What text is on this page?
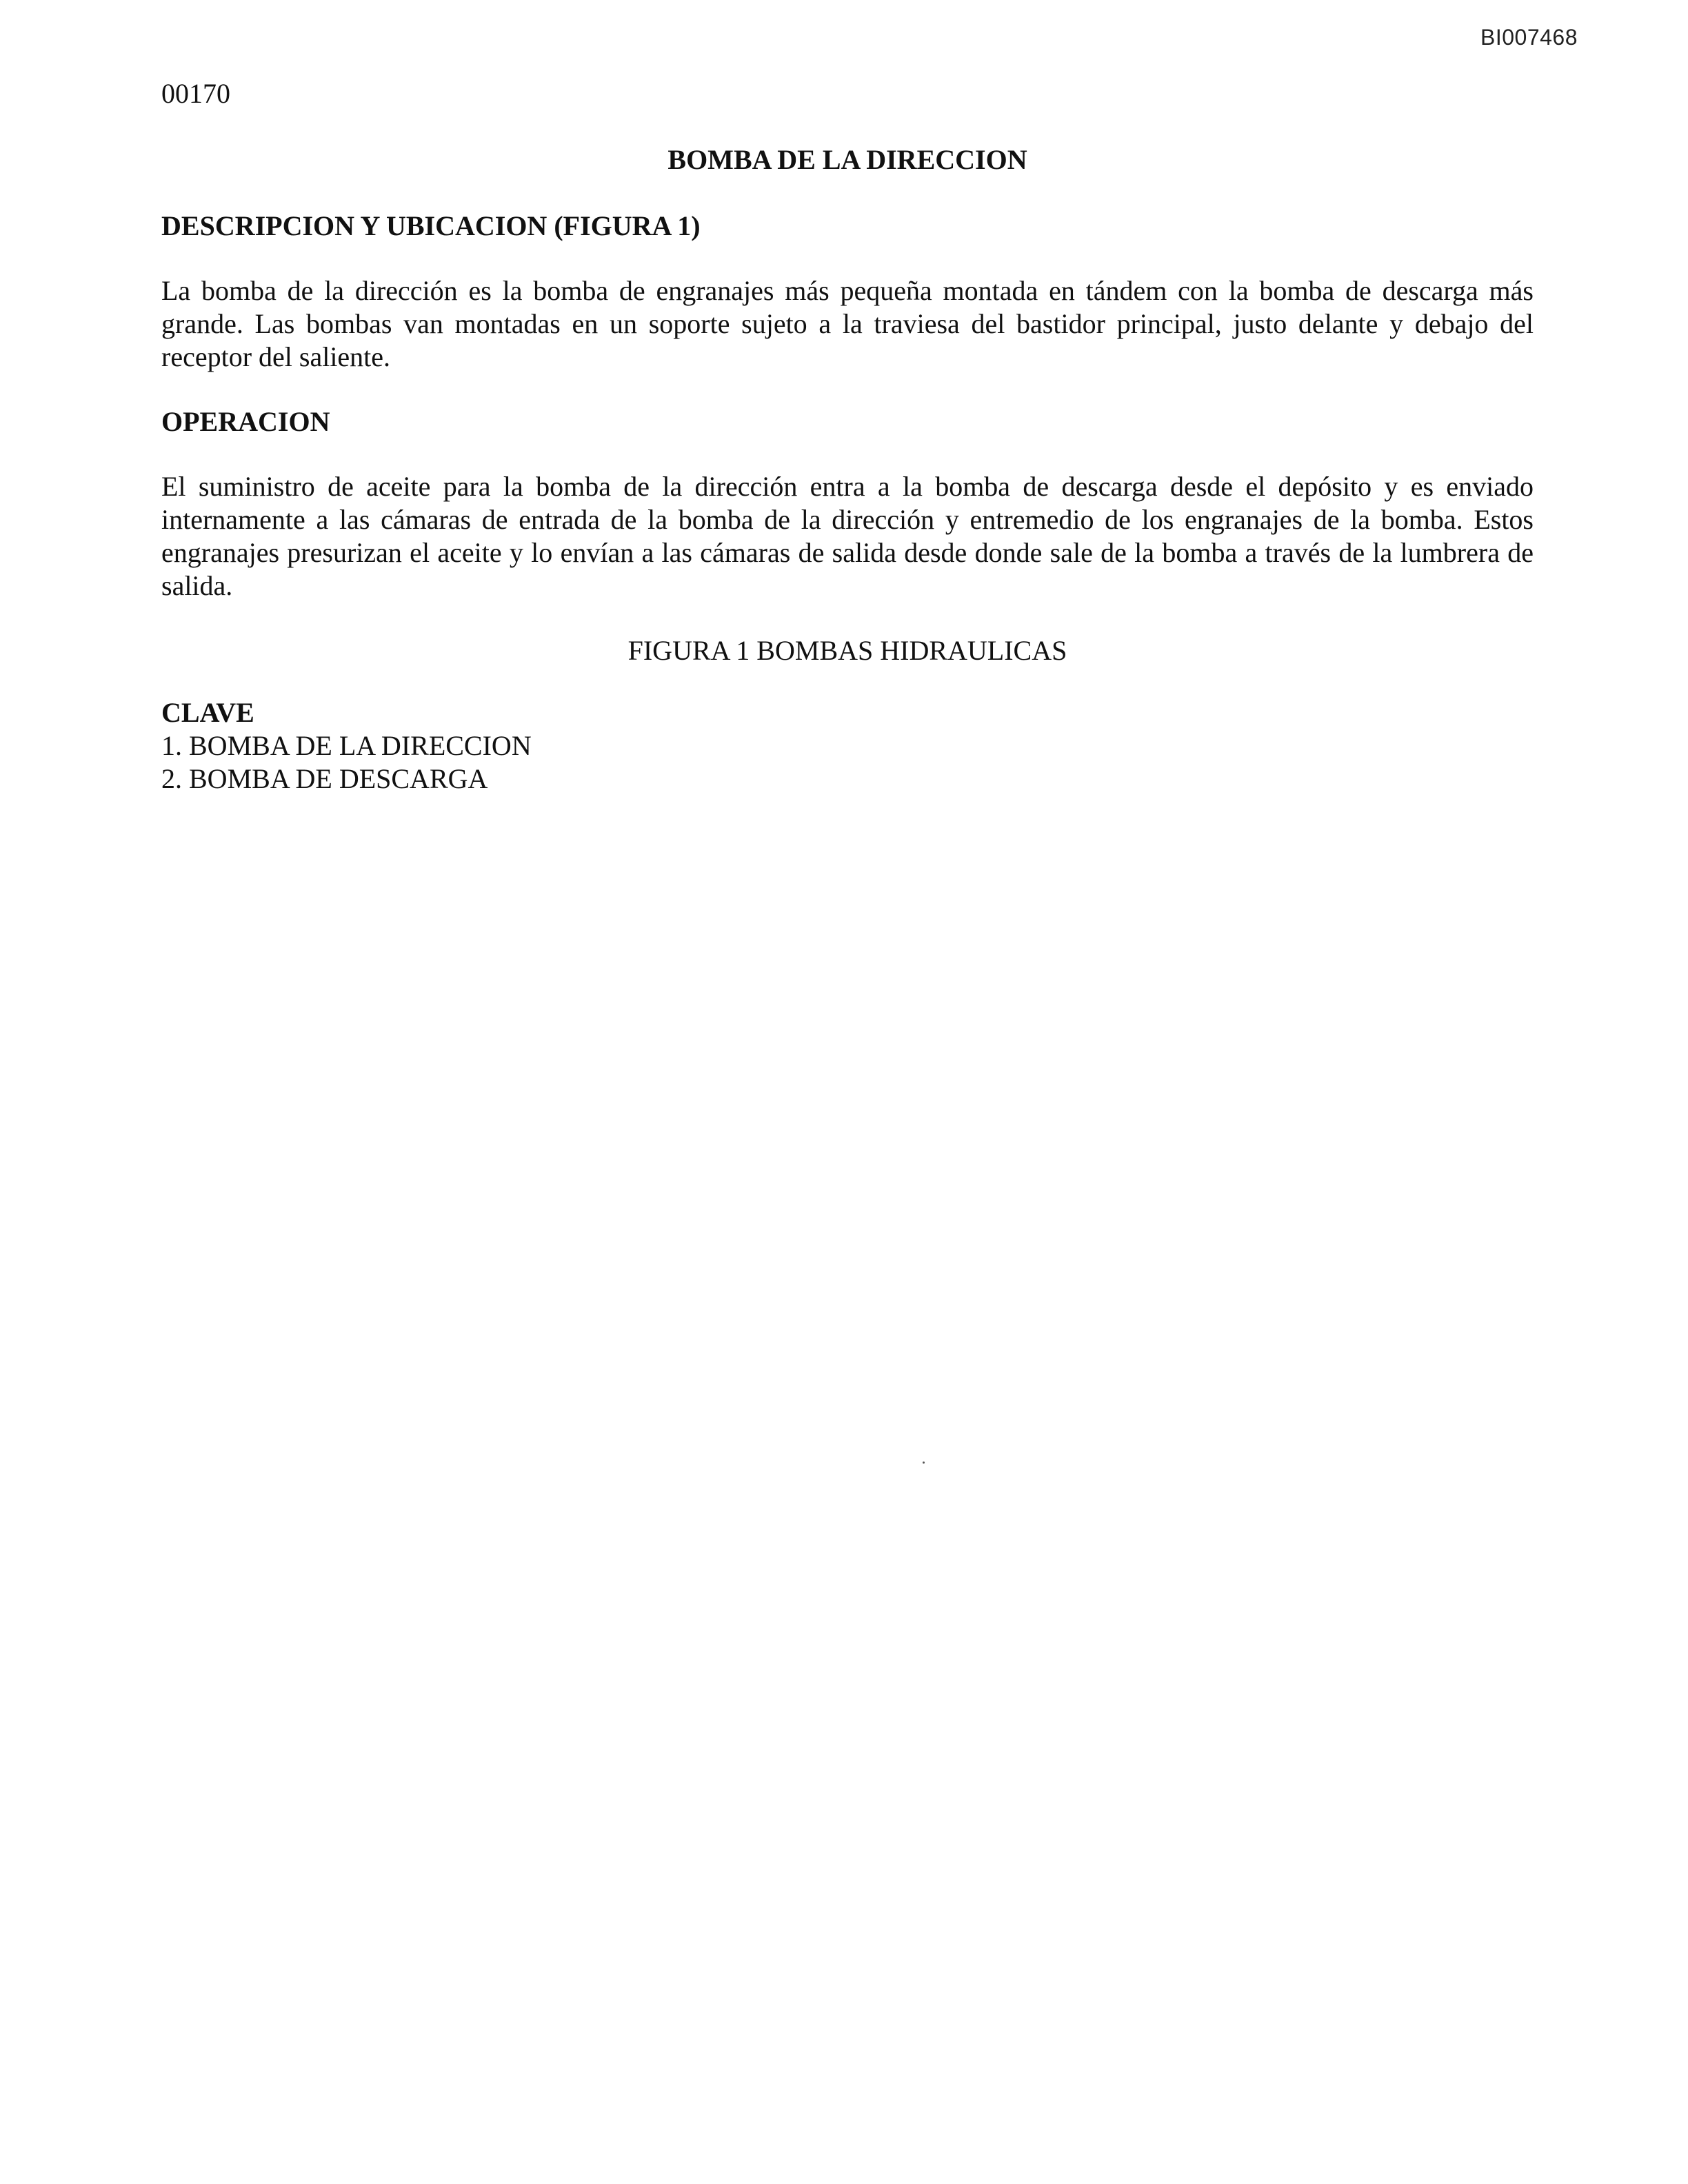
BI007468
00170
BOMBA DE LA DIRECCION
DESCRIPCION Y UBICACION (FIGURA 1)

La bomba de la dirección es la bomba de engranajes más pequeña montada en tándem con la bomba de descarga más grande. Las bombas van montadas en un soporte sujeto a la traviesa del bastidor principal, justo delante y debajo del receptor del saliente.

OPERACION

El suministro de aceite para la bomba de la dirección entra a la bomba de descarga desde el depósito y es enviado internamente a las cámaras de entrada de la bomba de la dirección y entremedio de los engranajes de la bomba. Estos engranajes presurizan el aceite y lo envían a las cámaras de salida desde donde sale de la bomba a través de la lumbrera de salida.

FIGURA 1 BOMBAS HIDRAULICAS
CLAVE
1. BOMBA DE LA DIRECCION
2. BOMBA DE DESCARGA
